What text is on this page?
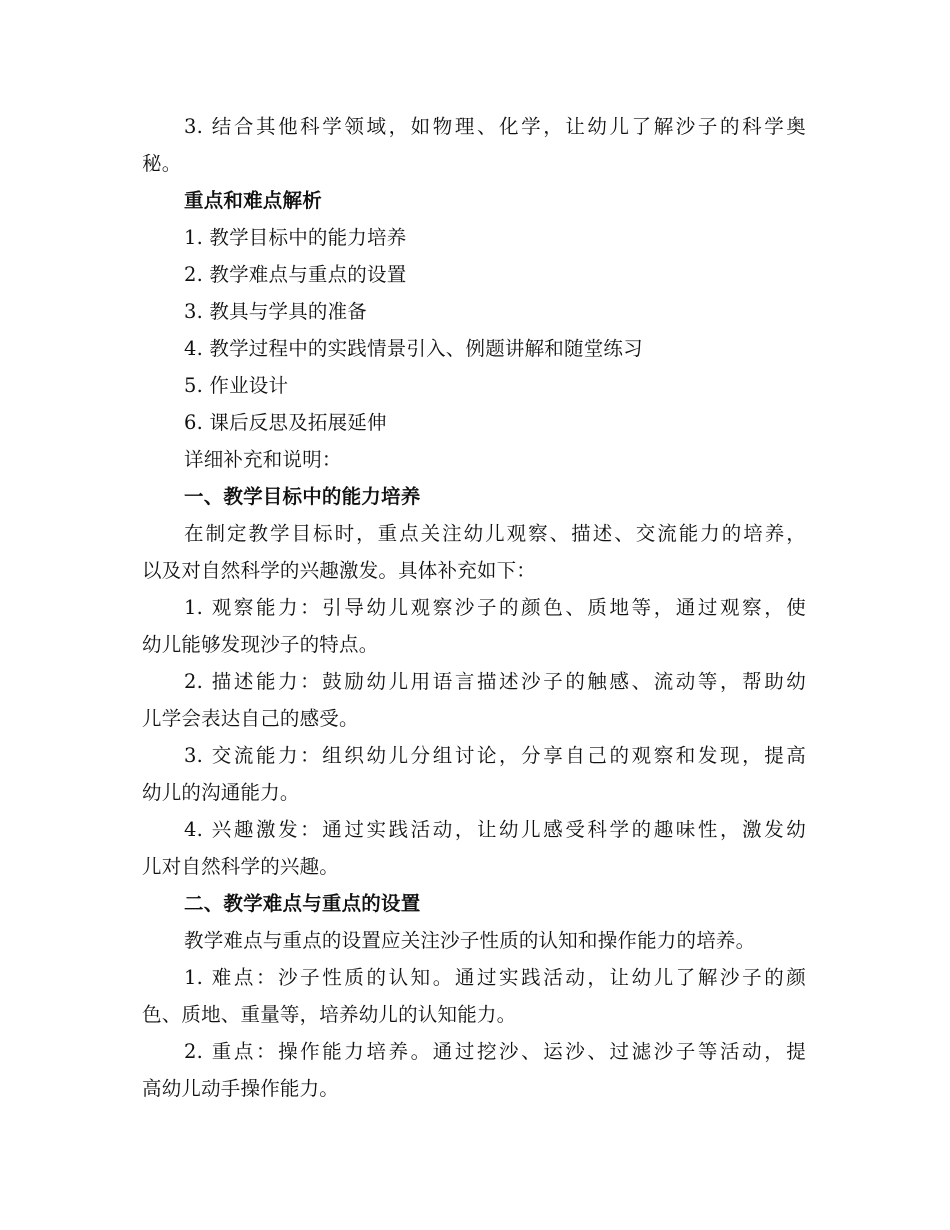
3. 结合其他科学领域，如物理、化学，让幼儿了解沙子的科学奥
秘。
重点和难点解析
1. 教学目标中的能力培养
2. 教学难点与重点的设置
3. 教具与学具的准备
4. 教学过程中的实践情景引入、例题讲解和随堂练习
5. 作业设计
6. 课后反思及拓展延伸
详细补充和说明：
一、教学目标中的能力培养
在制定教学目标时，重点关注幼儿观察、描述、交流能力的培养，
以及对自然科学的兴趣激发。具体补充如下：
1. 观察能力：引导幼儿观察沙子的颜色、质地等，通过观察，使
幼儿能够发现沙子的特点。
2. 描述能力：鼓励幼儿用语言描述沙子的触感、流动等，帮助幼
儿学会表达自己的感受。
3. 交流能力：组织幼儿分组讨论，分享自己的观察和发现，提高
幼儿的沟通能力。
4. 兴趣激发：通过实践活动，让幼儿感受科学的趣味性，激发幼
儿对自然科学的兴趣。
二、教学难点与重点的设置
教学难点与重点的设置应关注沙子性质的认知和操作能力的培养。
1. 难点：沙子性质的认知。通过实践活动，让幼儿了解沙子的颜
色、质地、重量等，培养幼儿的认知能力。
2. 重点：操作能力培养。通过挖沙、运沙、过滤沙子等活动，提
高幼儿动手操作能力。
